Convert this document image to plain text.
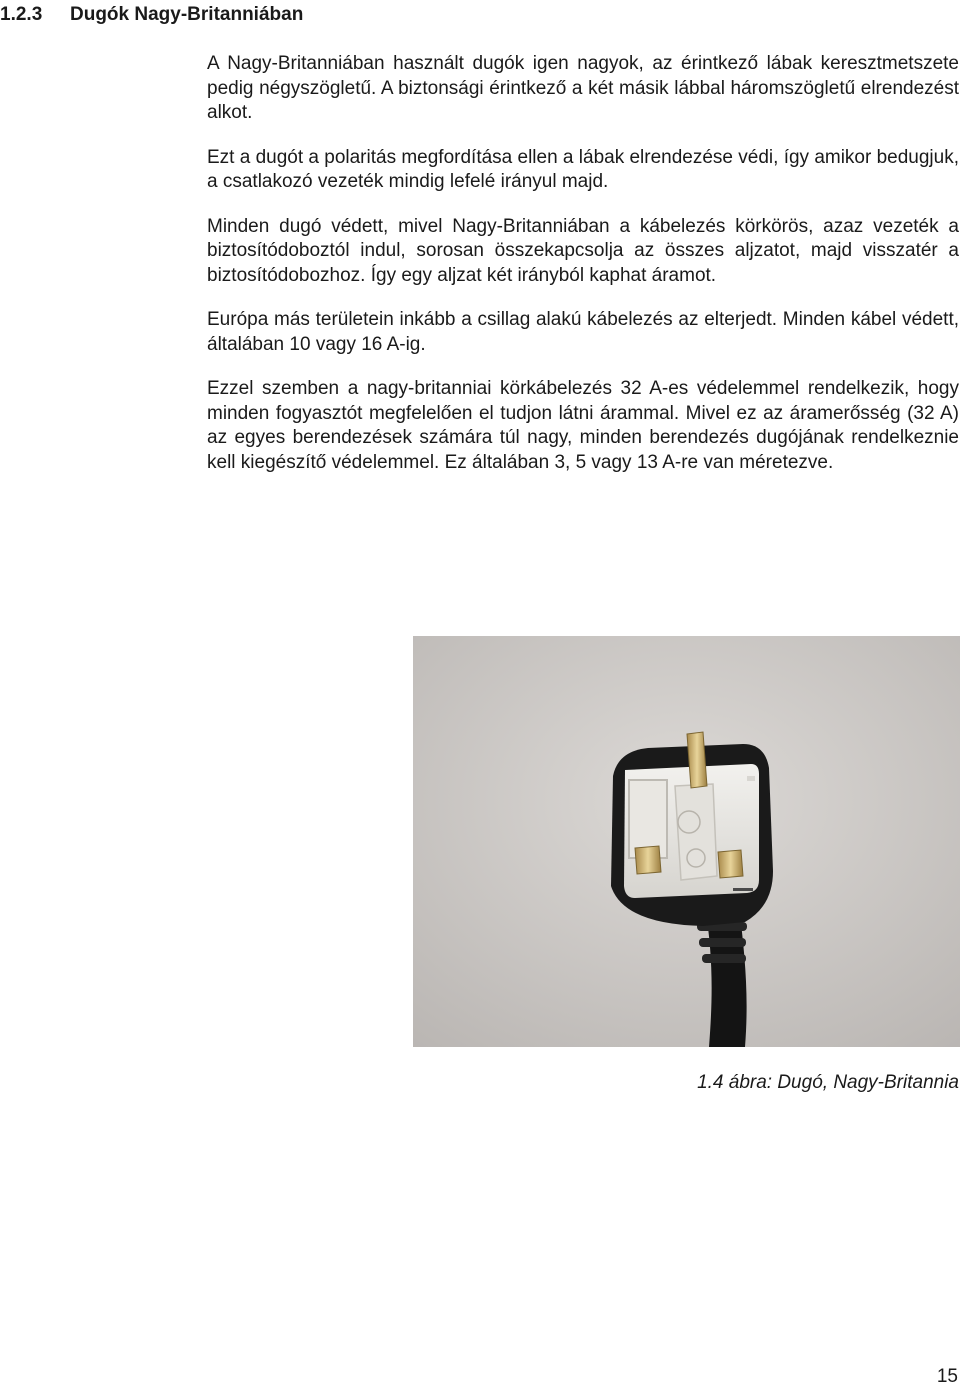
1.2.3 Dugók Nagy-Britanniában

A Nagy-Britanniában használt dugók igen nagyok, az érintkező lábak keresztmetszete pedig négyszögletű. A biztonsági érintkező a két másik lábbal háromszögletű elrendezést alkot.

Ezt a dugót a polaritás megfordítása ellen a lábak elrendezése védi, így amikor bedugjuk, a csatlakozó vezeték mindig lefelé irányul majd.

Minden dugó védett, mivel Nagy-Britanniában a kábelezés körkörös, azaz vezeték a biztosítódoboztól indul, sorosan összekapcsolja az összes aljzatot, majd visszatér a biztosítódobozhoz. Így egy aljzat két irányból kaphat áramot.

Európa más területein inkább a csillag alakú kábelezés az elterjedt. Minden kábel védett, általában 10 vagy 16 A-ig.

Ezzel szemben a nagy-britanniai körkábelezés 32 A-es védelemmel rendelkezik, hogy minden fogyasztót megfelelően el tudjon látni árammal. Mivel ez az áramerősség (32 A) az egyes berendezések számára túl nagy, minden berendezés dugójának rendelkeznie kell kiegészítő védelemmel. Ez általában 3, 5 vagy 13 A-re van méretezve.

1.4 ábra: Dugó, Nagy-Britannia

15
